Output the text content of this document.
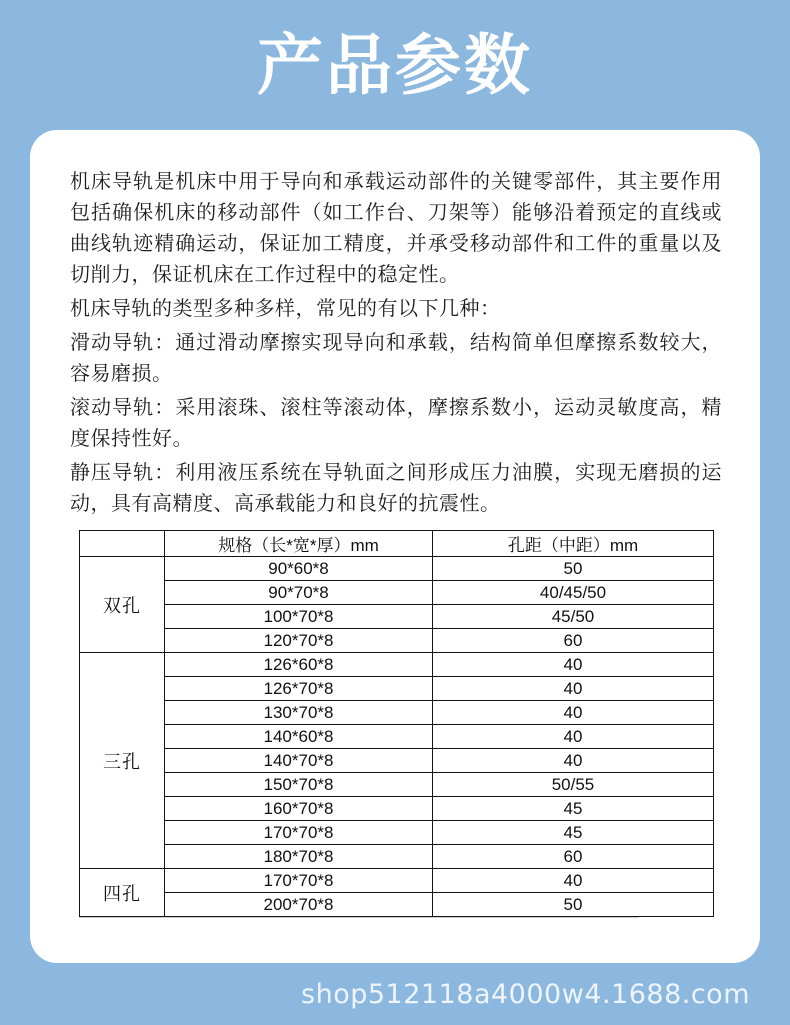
产品参数

机床导轨是机床中用于导向和承载运动部件的关键零部件，其主要作用包括确保机床的移动部件（如工作台、刀架等）能够沿着预定的直线或曲线轨迹精确运动，保证加工精度，并承受移动部件和工件的重量以及切削力，保证机床在工作过程中的稳定性。

机床导轨的类型多种多样，常见的有以下几种：

滑动导轨：通过滑动摩擦实现导向和承载，结构简单但摩擦系数较大，容易磨损。

滚动导轨：采用滚珠、滚柱等滚动体，摩擦系数小，运动灵敏度高，精度保持性好。

静压导轨：利用液压系统在导轨面之间形成压力油膜，实现无磨损的运动，具有高精度、高承载能力和良好的抗震性。

	规格（长*宽*厚）mm	孔距（中距）mm
双孔	90*60*8	50
	90*70*8	40/45/50
	100*70*8	45/50
	120*70*8	60
三孔	126*60*8	40
	126*70*8	40
	130*70*8	40
	140*60*8	40
	140*70*8	40
	150*70*8	50/55
	160*70*8	45
	170*70*8	45
	180*70*8	60
四孔	170*70*8	40
	200*70*8	50
shop512118a4000w4.1688.com
